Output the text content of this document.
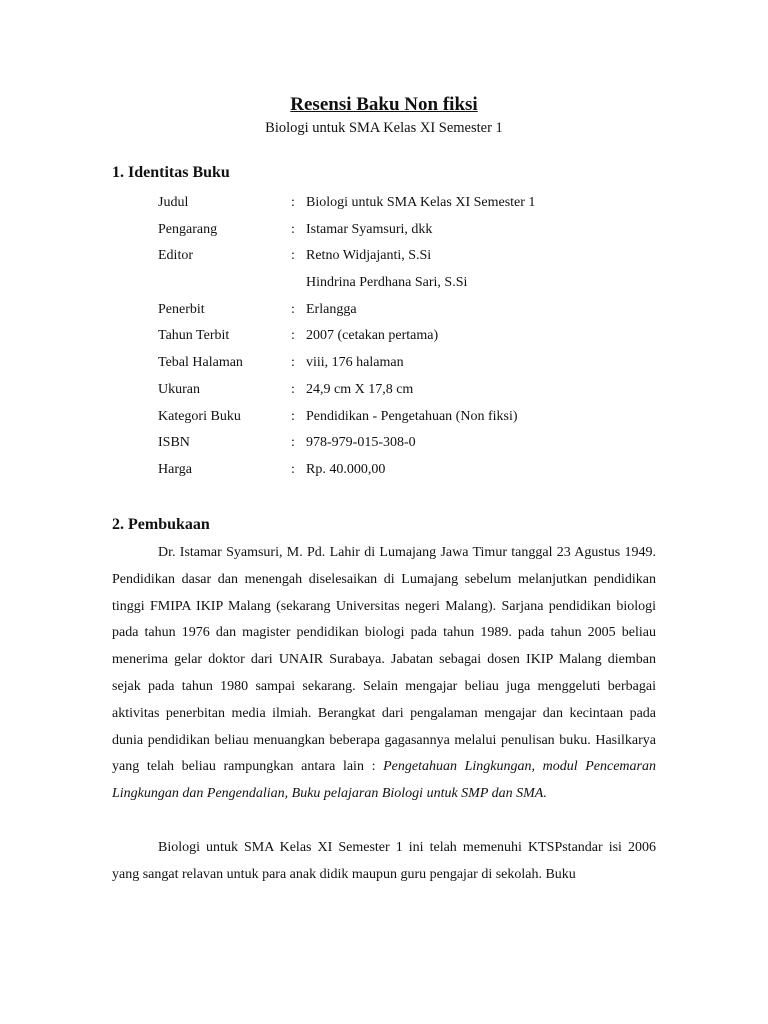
Resensi Baku Non fiksi
Biologi untuk SMA Kelas XI Semester 1
1. Identitas Buku
Judul	: Biologi untuk SMA Kelas XI Semester 1
Pengarang	: Istamar Syamsuri, dkk
Editor	: Retno Widjajanti, S.Si
Hindrina Perdhana Sari, S.Si
Penerbit	: Erlangga
Tahun Terbit	: 2007 (cetakan pertama)
Tebal Halaman	: viii, 176 halaman
Ukuran	: 24,9 cm X 17,8 cm
Kategori Buku	: Pendidikan - Pengetahuan (Non fiksi)
ISBN	: 978-979-015-308-0
Harga	: Rp. 40.000,00
2. Pembukaan

Dr. Istamar Syamsuri, M. Pd. Lahir di Lumajang Jawa Timur tanggal 23 Agustus 1949. Pendidikan dasar dan menengah diselesaikan di Lumajang sebelum melanjutkan pendidikan tinggi FMIPA IKIP Malang (sekarang Universitas negeri Malang). Sarjana pendidikan biologi pada tahun 1976 dan magister pendidikan biologi pada tahun 1989. pada tahun 2005 beliau menerima gelar doktor dari UNAIR Surabaya. Jabatan sebagai dosen IKIP Malang diemban sejak pada tahun 1980 sampai sekarang. Selain mengajar beliau juga menggeluti berbagai aktivitas penerbitan media ilmiah. Berangkat dari pengalaman mengajar dan kecintaan pada dunia pendidikan beliau menuangkan beberapa gagasannya melalui penulisan buku. Hasilkarya yang telah beliau rampungkan antara lain : Pengetahuan Lingkungan, modul Pencemaran Lingkungan dan Pengendalian, Buku pelajaran Biologi untuk SMP dan SMA.

Biologi untuk SMA Kelas XI Semester 1 ini telah memenuhi KTSPstandar isi 2006 yang sangat relavan untuk para anak didik maupun guru pengajar di sekolah. Buku
